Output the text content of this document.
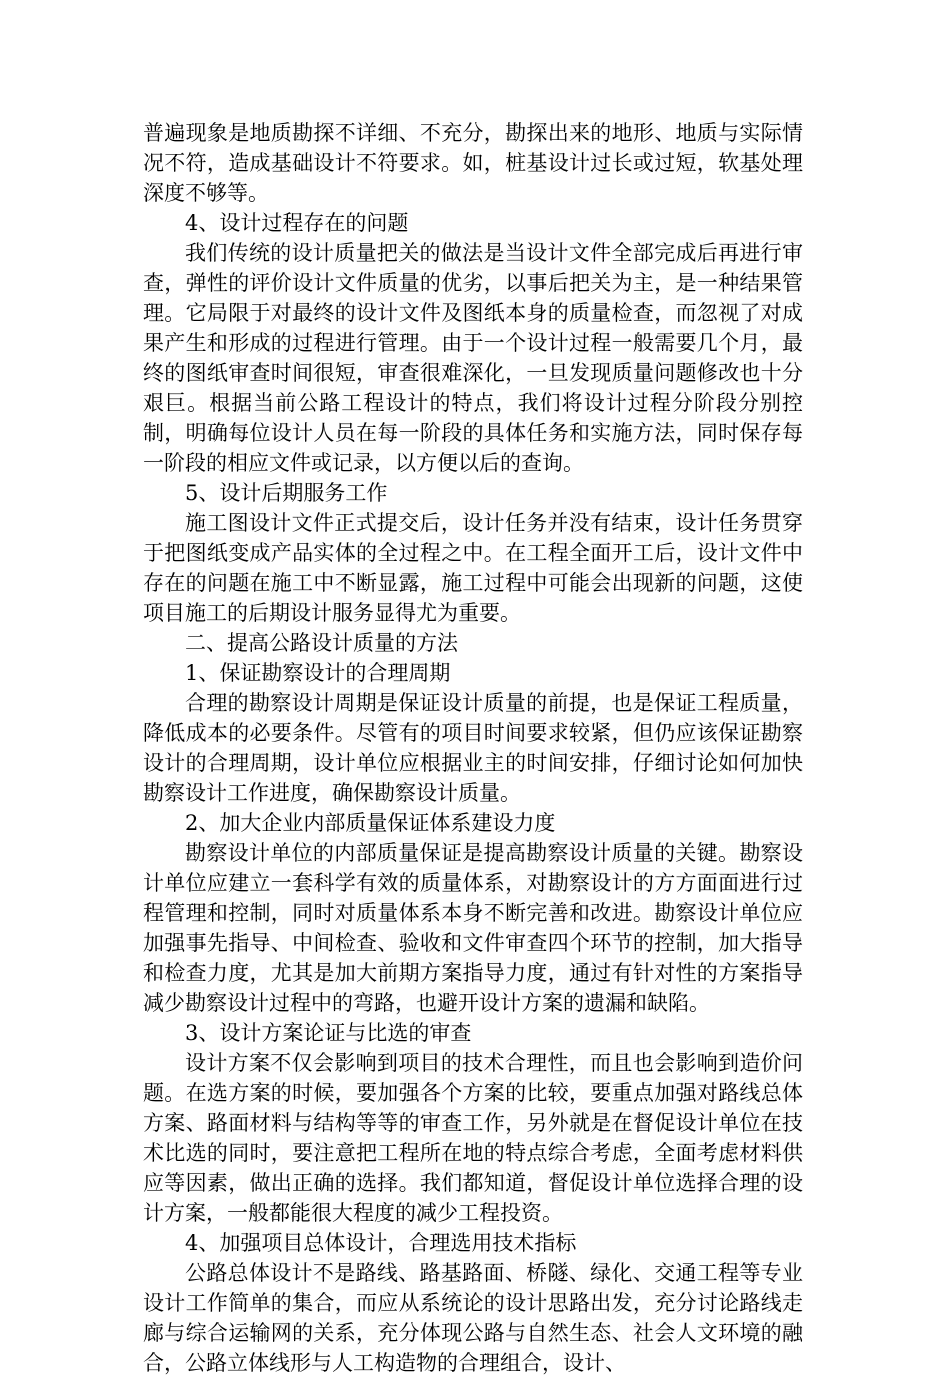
普遍现象是地质勘探不详细、不充分，勘探出来的地形、地质与实际情况不符，造成基础设计不符要求。如，桩基设计过长或过短，软基处理深度不够等。

4、设计过程存在的问题

我们传统的设计质量把关的做法是当设计文件全部完成后再进行审查，弹性的评价设计文件质量的优劣，以事后把关为主，是一种结果管理。它局限于对最终的设计文件及图纸本身的质量检查，而忽视了对成果产生和形成的过程进行管理。由于一个设计过程一般需要几个月，最终的图纸审查时间很短，审查很难深化，一旦发现质量问题修改也十分艰巨。根据当前公路工程设计的特点，我们将设计过程分阶段分别控制，明确每位设计人员在每一阶段的具体任务和实施方法，同时保存每一阶段的相应文件或记录，以方便以后的查询。

5、设计后期服务工作

施工图设计文件正式提交后，设计任务并没有结束，设计任务贯穿于把图纸变成产品实体的全过程之中。在工程全面开工后，设计文件中存在的问题在施工中不断显露，施工过程中可能会出现新的问题，这使项目施工的后期设计服务显得尤为重要。

二、提高公路设计质量的方法

1、保证勘察设计的合理周期

合理的勘察设计周期是保证设计质量的前提，也是保证工程质量，降低成本的必要条件。尽管有的项目时间要求较紧，但仍应该保证勘察设计的合理周期，设计单位应根据业主的时间安排，仔细讨论如何加快勘察设计工作进度，确保勘察设计质量。

2、加大企业内部质量保证体系建设力度

勘察设计单位的内部质量保证是提高勘察设计质量的关键。勘察设计单位应建立一套科学有效的质量体系，对勘察设计的方方面面进行过程管理和控制，同时对质量体系本身不断完善和改进。勘察设计单位应加强事先指导、中间检查、验收和文件审查四个环节的控制，加大指导和检查力度，尤其是加大前期方案指导力度，通过有针对性的方案指导减少勘察设计过程中的弯路，也避开设计方案的遗漏和缺陷。

3、设计方案论证与比选的审查

设计方案不仅会影响到项目的技术合理性，而且也会影响到造价问题。在选方案的时候，要加强各个方案的比较，要重点加强对路线总体方案、路面材料与结构等等的审查工作，另外就是在督促设计单位在技术比选的同时，要注意把工程所在地的特点综合考虑，全面考虑材料供应等因素，做出正确的选择。我们都知道，督促设计单位选择合理的设计方案，一般都能很大程度的减少工程投资。

4、加强项目总体设计，合理选用技术指标

公路总体设计不是路线、路基路面、桥隧、绿化、交通工程等专业设计工作简单的集合，而应从系统论的设计思路出发，充分讨论路线走廊与综合运输网的关系，充分体现公路与自然生态、社会人文环境的融合，公路立体线形与人工构造物的合理组合，设计、
